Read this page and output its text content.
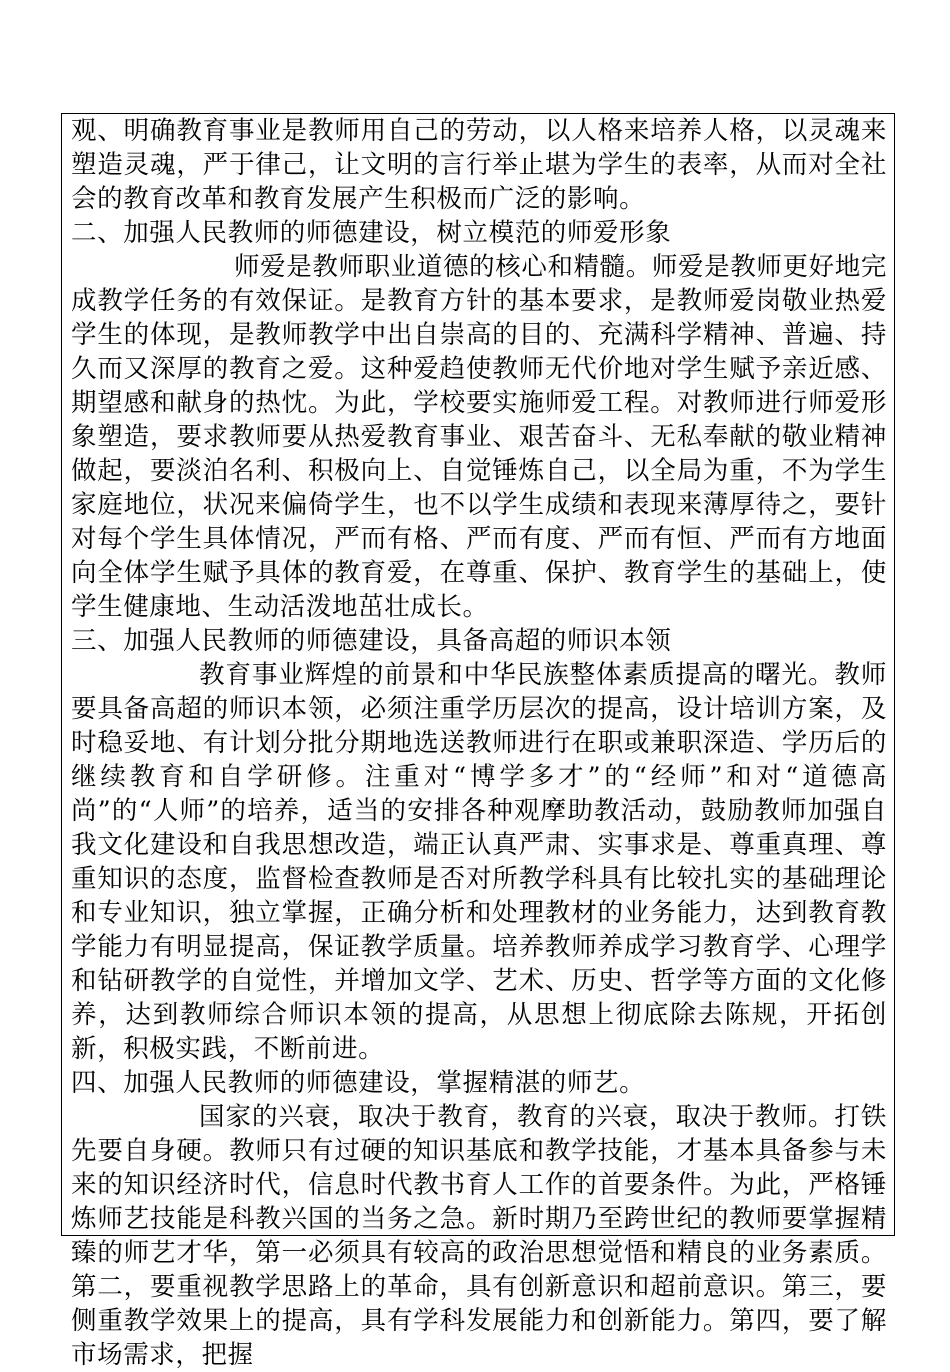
观、明确教育事业是教师用自己的劳动，以人格来培养人格，以灵魂来塑造灵魂，严于律己，让文明的言行举止堪为学生的表率，从而对全社会的教育改革和教育发展产生积极而广泛的影响。

二、加强人民教师的师德建设，树立模范的师爱形象

师爱是教师职业道德的核心和精髓。师爱是教师更好地完成教学任务的有效保证。是教育方针的基本要求，是教师爱岗敬业热爱学生的体现，是教师教学中出自崇高的目的、充满科学精神、普遍、持久而又深厚的教育之爱。这种爱趋使教师无代价地对学生赋予亲近感、期望感和献身的热忱。为此，学校要实施师爱工程。对教师进行师爱形象塑造，要求教师要从热爱教育事业、艰苦奋斗、无私奉献的敬业精神做起，要淡泊名利、积极向上、自觉锤炼自己，以全局为重，不为学生家庭地位，状况来偏倚学生，也不以学生成绩和表现来薄厚待之，要针对每个学生具体情况，严而有格、严而有度、严而有恒、严而有方地面向全体学生赋予具体的教育爱，在尊重、保护、教育学生的基础上，使学生健康地、生动活泼地茁壮成长。

三、加强人民教师的师德建设，具备高超的师识本领

教育事业辉煌的前景和中华民族整体素质提高的曙光。教师要具备高超的师识本领，必须注重学历层次的提高，设计培训方案，及时稳妥地、有计划分批分期地选送教师进行在职或兼职深造、学历后的继续教育和自学研修。注重对“博学多才”的“经师”和对“道德高尚”的“人师”的培养，适当的安排各种观摩助教活动，鼓励教师加强自我文化建设和自我思想改造，端正认真严肃、实事求是、尊重真理、尊重知识的态度，监督检查教师是否对所教学科具有比较扎实的基础理论和专业知识，独立掌握，正确分析和处理教材的业务能力，达到教育教学能力有明显提高，保证教学质量。培养教师养成学习教育学、心理学和钻研教学的自觉性，并增加文学、艺术、历史、哲学等方面的文化修养，达到教师综合师识本领的提高，从思想上彻底除去陈规，开拓创新，积极实践，不断前进。

四、加强人民教师的师德建设，掌握精湛的师艺。

国家的兴衰，取决于教育，教育的兴衰，取决于教师。打铁先要自身硬。教师只有过硬的知识基底和教学技能，才基本具备参与未来的知识经济时代，信息时代教书育人工作的首要条件。为此，严格锤炼师艺技能是科教兴国的当务之急。新时期乃至跨世纪的教师要掌握精臻的师艺才华，第一必须具有较高的政治思想觉悟和精良的业务素质。第二，要重视教学思路上的革命，具有创新意识和超前意识。第三，要侧重教学效果上的提高，具有学科发展能力和创新能力。第四，要了解市场需求，把握
